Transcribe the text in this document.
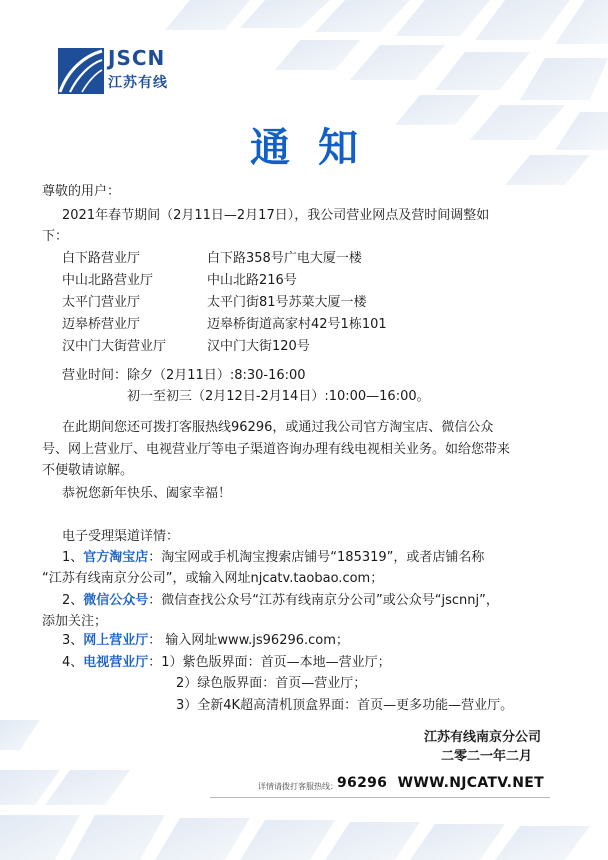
JSCN
江苏有线
通知
尊敬的用户：
2021年春节期间（2月11日—2月17日），我公司营业网点及营时间调整如
下：
白下路营业厅	白下路358号广电大厦一楼
中山北路营业厅	中山北路216号
太平门营业厅	太平门街81号苏菜大厦一楼
迈皋桥营业厅	迈皋桥街道高家村42号1栋101
汉中门大街营业厅	汉中门大街120号
营业时间：除夕（2月11日）:8:30-16:00
初一至初三（2月12日-2月14日）:10:00—16:00。
在此期间您还可拨打客服热线96296，或通过我公司官方淘宝店、微信公众
号、网上营业厅、电视营业厅等电子渠道咨询办理有线电视相关业务。如给您带来
不便敬请谅解。
恭祝您新年快乐、阖家幸福！
电子受理渠道详情：
1、官方淘宝店：淘宝网或手机淘宝搜索店铺号“185319”，或者店铺名称
“江苏有线南京分公司”，或输入网址njcatv.taobao.com；
2、微信公众号：微信查找公众号“江苏有线南京分公司”或公众号“jscnnj”，
添加关注；
3、网上营业厅： 输入网址www.js96296.com；
4、电视营业厅：1）紫色版界面：首页—本地—营业厅；
2）绿色版界面：首页—营业厅；
3）全新4K超高清机顶盒界面：首页—更多功能—营业厅。
江苏有线南京分公司
二零二一年二月
详情请拨打客服热线： 96296 WWW.NJCATV.NET
